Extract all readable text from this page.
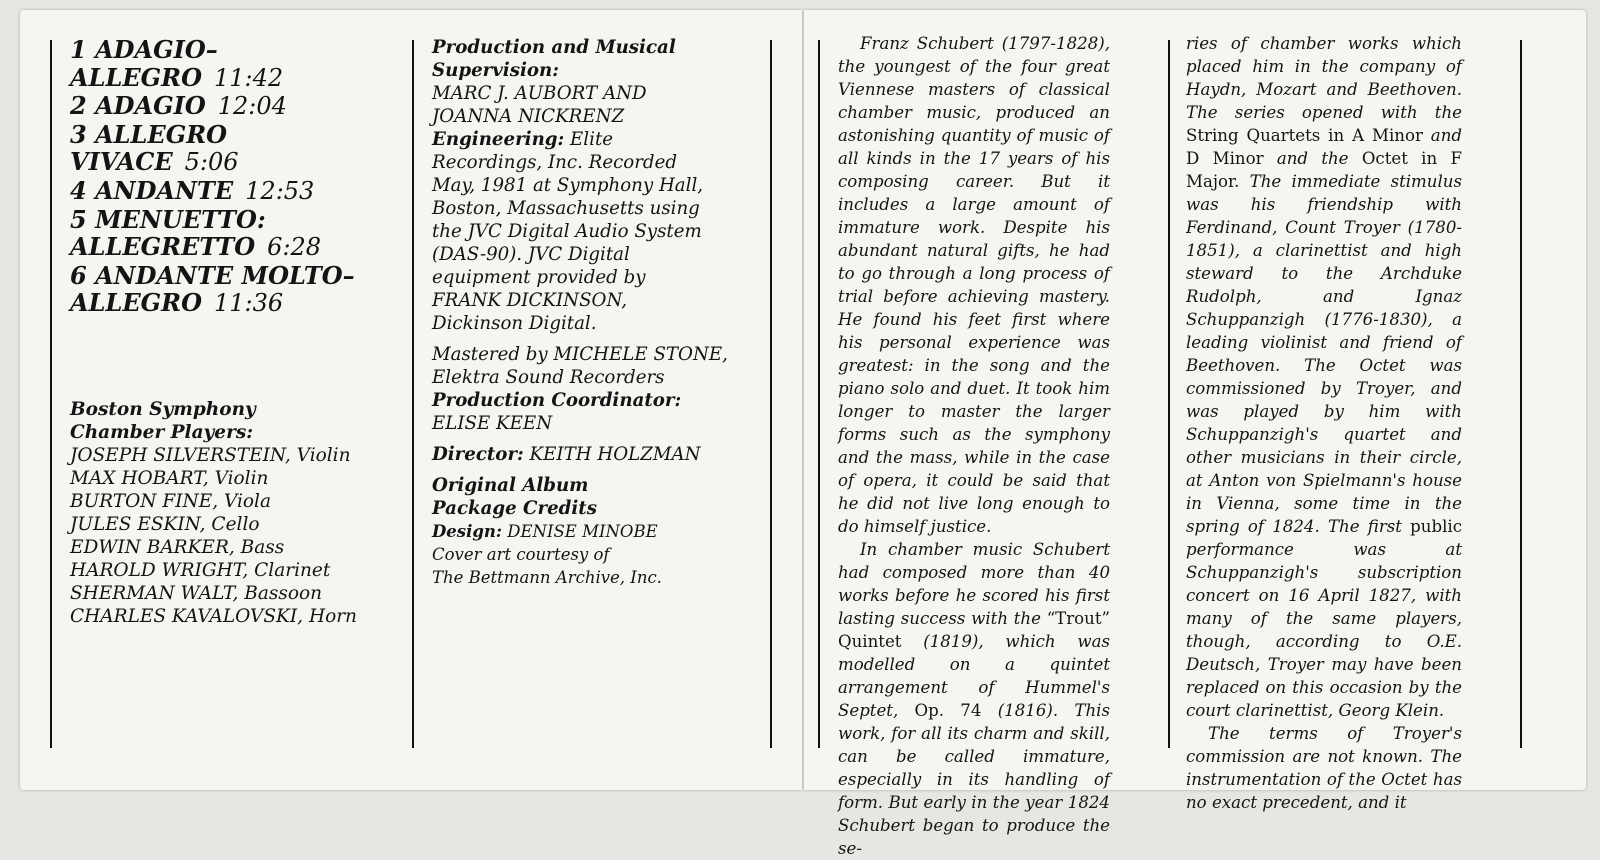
1 ADAGIO–
ALLEGRO 11:42
2 ADAGIO 12:04
3 ALLEGRO
VIVACE 5:06
4 ANDANTE 12:53
5 MENUETTO:
ALLEGRETTO 6:28
6 ANDANTE MOLTO–
ALLEGRO 11:36
Boston Symphony
Chamber Players:
JOSEPH SILVERSTEIN, Violin
MAX HOBART, Violin
BURTON FINE, Viola
JULES ESKIN, Cello
EDWIN BARKER, Bass
HAROLD WRIGHT, Clarinet
SHERMAN WALT, Bassoon
CHARLES KAVALOVSKI, Horn
Production and Musical
Supervision:
MARC J. AUBORT AND
JOANNA NICKRENZ
Engineering: Elite
Recordings, Inc. Recorded
May, 1981 at Symphony Hall,
Boston, Massachusetts using
the JVC Digital Audio System
(DAS-90). JVC Digital
equipment provided by
FRANK DICKINSON,
Dickinson Digital.
Mastered by MICHELE STONE,
Elektra Sound Recorders
Production Coordinator:
ELISE KEEN
Director: KEITH HOLZMAN
Original Album
Package Credits
Design: DENISE MINOBE
Cover art courtesy of
The Bettmann Archive, Inc.

Franz Schubert (1797-1828), the youngest of the four great Viennese masters of classical chamber music, produced an astonishing quantity of music of all kinds in the 17 years of his composing career. But it includes a large amount of immature work. Despite his abundant natural gifts, he had to go through a long process of trial before achieving mastery. He found his feet first where his personal experience was greatest: in the song and the piano solo and duet. It took him longer to master the larger forms such as the symphony and the mass, while in the case of opera, it could be said that he did not live long enough to do himself justice.

In chamber music Schubert had composed more than 40 works before he scored his first lasting success with the “Trout” Quintet (1819), which was modelled on a quintet arrangement of Hummel's Septet, Op. 74 (1816). This work, for all its charm and skill, can be called immature, especially in its handling of form. But early in the year 1824 Schubert began to produce the se-

ries of chamber works which placed him in the company of Haydn, Mozart and Beethoven. The series opened with the String Quartets in A Minor and D Minor and the Octet in F Major. The immediate stimulus was his friendship with Ferdinand, Count Troyer (1780-1851), a clarinettist and high steward to the Archduke Rudolph, and Ignaz Schuppanzigh (1776-1830), a leading violinist and friend of Beethoven. The Octet was commissioned by Troyer, and was played by him with Schuppanzigh's quartet and other musicians in their circle, at Anton von Spielmann's house in Vienna, some time in the spring of 1824. The first public performance was at Schuppanzigh's subscription concert on 16 April 1827, with many of the same players, though, according to O.E. Deutsch, Troyer may have been replaced on this occasion by the court clarinettist, Georg Klein.

The terms of Troyer's commission are not known. The instrumentation of the Octet has no exact precedent, and it
